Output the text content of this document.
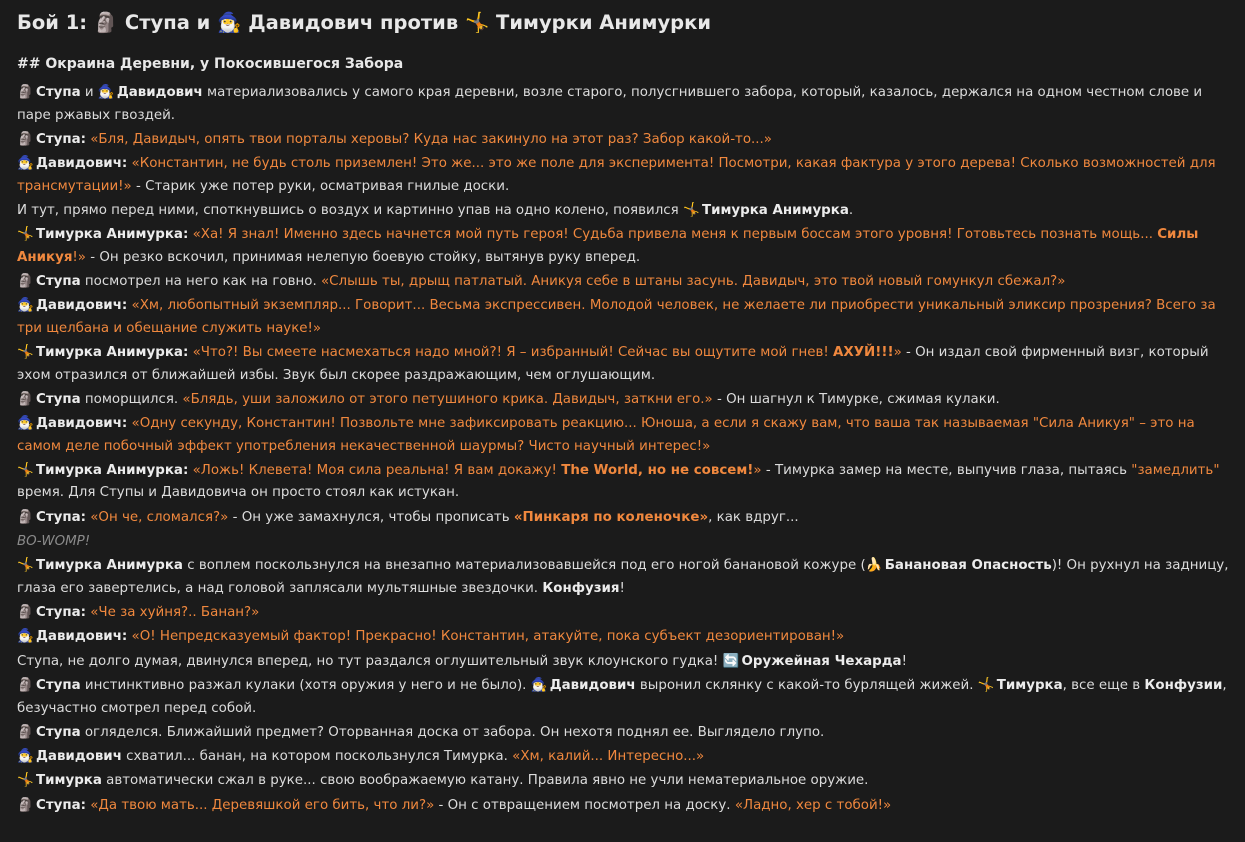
Бой 1: 🗿 Ступа и 🧙‍♂️ Давидович против 🤸 Тимурки Анимурки
## Окраина Деревни, у Покосившегося Забора

🗿 Ступа и 🧙‍♂️ Давидович материализовались у самого края деревни, возле старого, полусгнившего забора, который, казалось, держался на одном честном слове и паре ржавых гвоздей.

🗿 Ступа: «Бля, Давидыч, опять твои порталы херовы? Куда нас закинуло на этот раз? Забор какой-то...»

🧙‍♂️ Давидович: «Константин, не будь столь приземлен! Это же... это же поле для эксперимента! Посмотри, какая фактура у этого дерева! Сколько возможностей для трансмутации!» - Старик уже потер руки, осматривая гнилые доски.

И тут, прямо перед ними, споткнувшись о воздух и картинно упав на одно колено, появился 🤸 Тимурка Анимурка.

🤸 Тимурка Анимурка: «Ха! Я знал! Именно здесь начнется мой путь героя! Судьба привела меня к первым боссам этого уровня! Готовьтесь познать мощь... Силы Аникуя!» - Он резко вскочил, принимая нелепую боевую стойку, вытянув руку вперед.

🗿 Ступа посмотрел на него как на говно. «Слышь ты, дрыщ патлатый. Аникуя себе в штаны засунь. Давидыч, это твой новый гомункул сбежал?»

🧙‍♂️ Давидович: «Хм, любопытный экземпляр... Говорит... Весьма экспрессивен. Молодой человек, не желаете ли приобрести уникальный эликсир прозрения? Всего за три щелбана и обещание служить науке!»

🤸 Тимурка Анимурка: «Что?! Вы смеете насмехаться надо мной?! Я – избранный! Сейчас вы ощутите мой гнев! АХУЙ!!!» - Он издал свой фирменный визг, который эхом отразился от ближайшей избы. Звук был скорее раздражающим, чем оглушающим.

🗿 Ступа поморщился. «Блядь, уши заложило от этого петушиного крика. Давидыч, заткни его.» - Он шагнул к Тимурке, сжимая кулаки.

🧙‍♂️ Давидович: «Одну секунду, Константин! Позвольте мне зафиксировать реакцию... Юноша, а если я скажу вам, что ваша так называемая "Сила Аникуя" – это на самом деле побочный эффект употребления некачественной шаурмы? Чисто научный интерес!»

🤸 Тимурка Анимурка: «Ложь! Клевета! Моя сила реальна! Я вам докажу! The World, но не совсем!» - Тимурка замер на месте, выпучив глаза, пытаясь "замедлить" время. Для Ступы и Давидовича он просто стоял как истукан.

🗿 Ступа: «Он че, сломался?» - Он уже замахнулся, чтобы прописать «Пинкаря по коленочке», как вдруг...

BO-WOMP!

🤸 Тимурка Анимурка с воплем поскользнулся на внезапно материализовавшейся под его ногой банановой кожуре (🍌 Банановая Опасность)! Он рухнул на задницу, глаза его завертелись, а над головой заплясали мультяшные звездочки. Конфузия!

🗿 Ступа: «Че за хуйня?.. Банан?»

🧙‍♂️ Давидович: «О! Непредсказуемый фактор! Прекрасно! Константин, атакуйте, пока субъект дезориентирован!»

Ступа, не долго думая, двинулся вперед, но тут раздался оглушительный звук клоунского гудка! 🔄 Оружейная Чехарда!

🗿 Ступа инстинктивно разжал кулаки (хотя оружия у него и не было). 🧙‍♂️ Давидович выронил склянку с какой-то бурлящей жижей. 🤸 Тимурка, все еще в Конфузии, безучастно смотрел перед собой.

🗿 Ступа огляделся. Ближайший предмет? Оторванная доска от забора. Он нехотя поднял ее. Выглядело глупо.

🧙‍♂️ Давидович схватил... банан, на котором поскользнулся Тимурка. «Хм, калий... Интересно...»

🤸 Тимурка автоматически сжал в руке... свою воображаемую катану. Правила явно не учли нематериальное оружие.

🗿 Ступа: «Да твою мать... Деревяшкой его бить, что ли?» - Он с отвращением посмотрел на доску. «Ладно, хер с тобой!»
